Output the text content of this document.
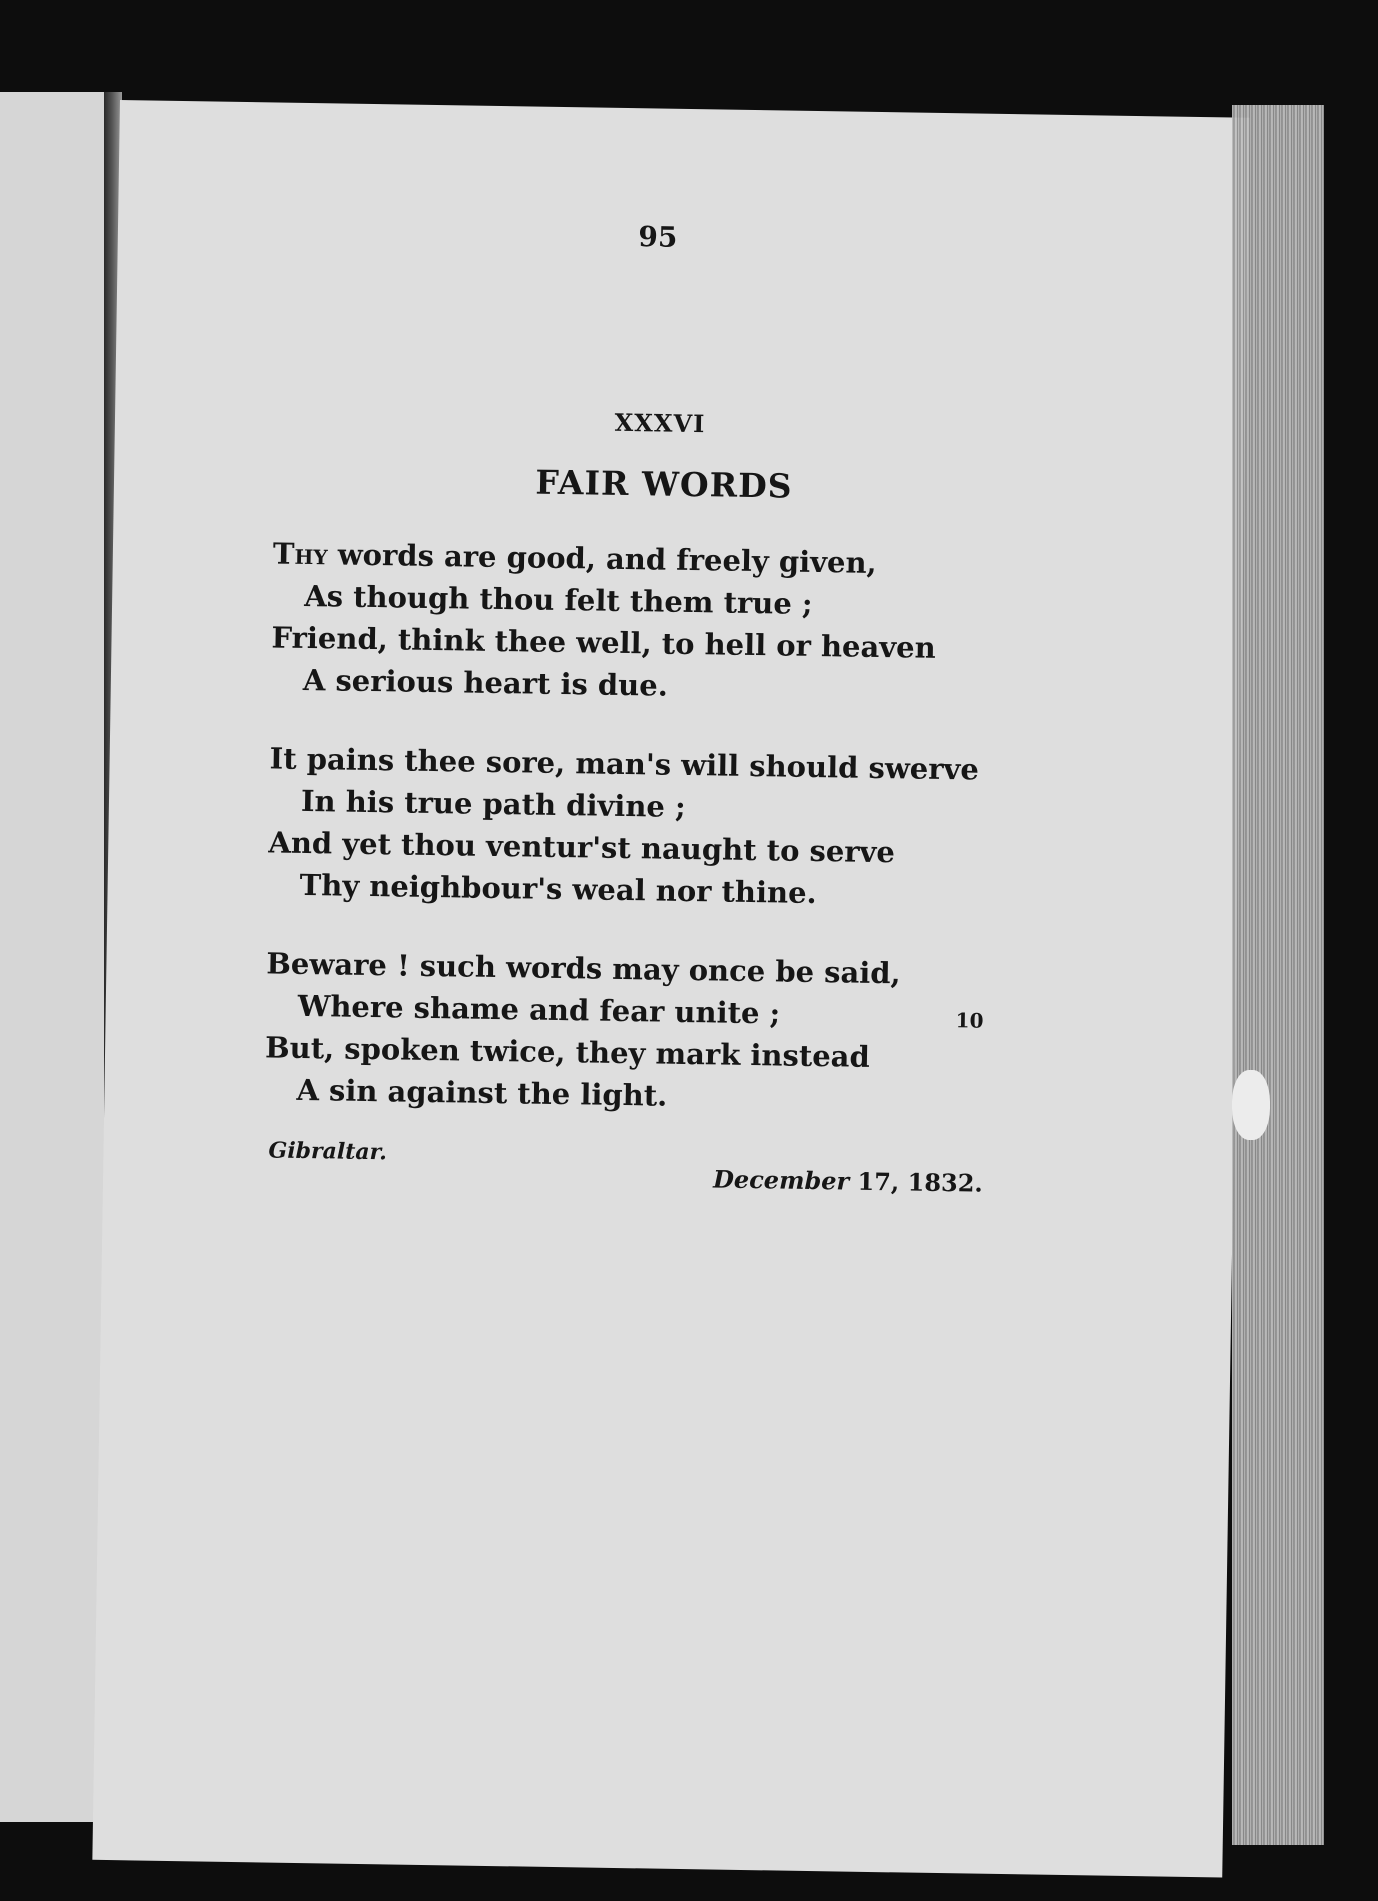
95
XXXVI
FAIR WORDS
Thy words are good, and freely given,
As though thou felt them true ;
Friend, think thee well, to hell or heaven
A serious heart is due.
It pains thee sore, man's will should swerve
In his true path divine ;
And yet thou ventur'st naught to serve
Thy neighbour's weal nor thine.
Beware ! such words may once be said,
Where shame and fear unite ;
But, spoken twice, they mark instead
A sin against the light.
10
Gibraltar.
December 17, 1832.
